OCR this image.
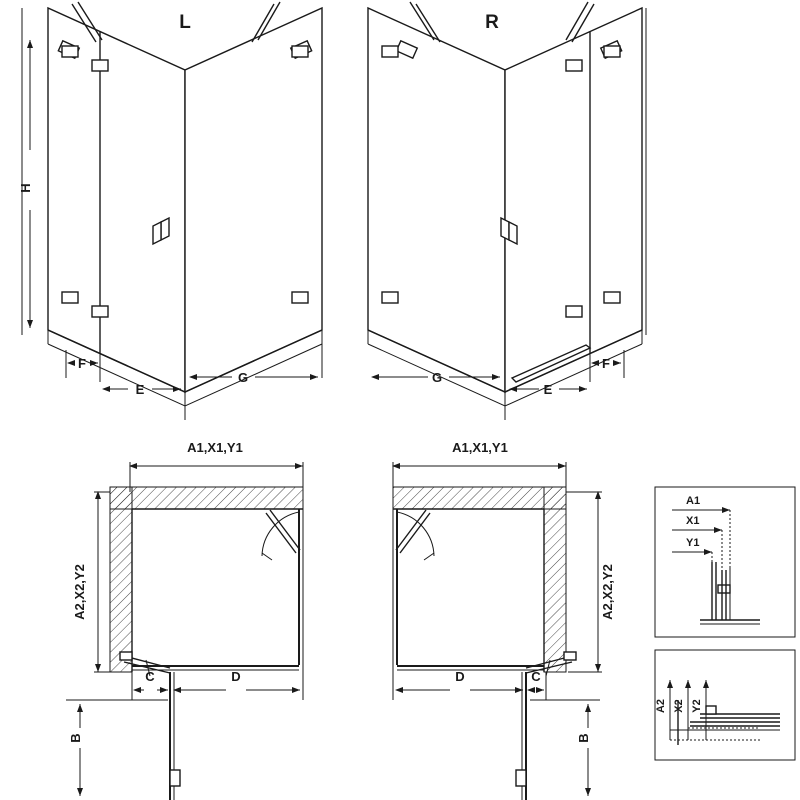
H
F
E
G
L
G
E
F
R
A1,X1,Y1
A2,X2,Y2
C	D
B
A1,X1,Y1
A2,X2,Y2
D	C
B
A1
X1
Y1
A2 X2 Y2
